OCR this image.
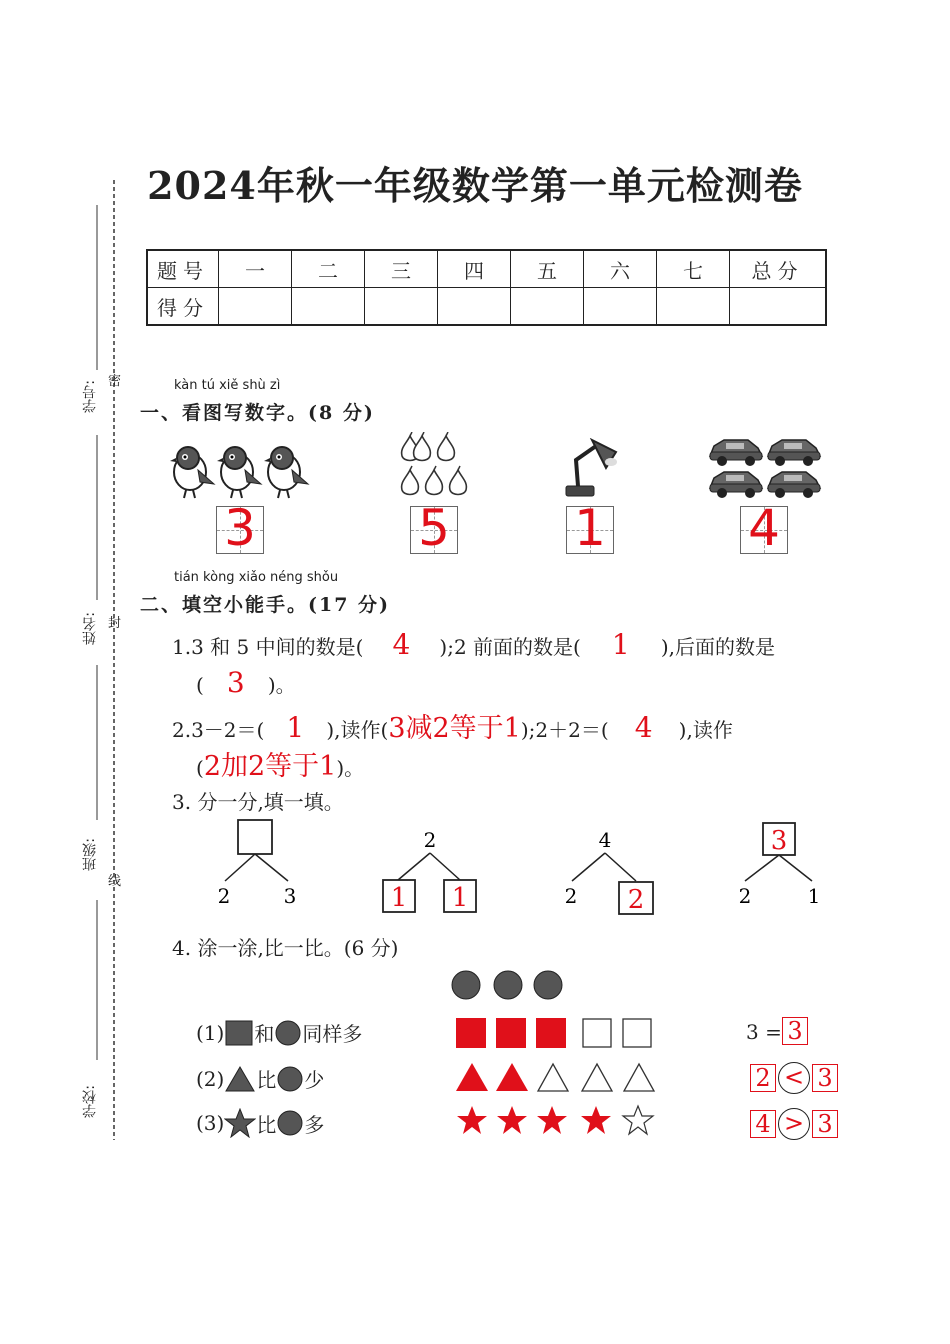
2024年秋一年级数学第一单元检测卷
题号	一	二	三	四	五	六	七	总分
得分								
学号:
姓名:
班级:
学校:
密
封
线
kàn tú xiě shù zì
一、看图写数字。(8 分)
3	5 1	4
tián kòng xiǎo néng shǒu
二、填空小能手。(17 分)
1.3 和 5 中间的数是( 4 );2 前面的数是( 1 ),后面的数是
( 3 )。
2.3－2＝( 1 ),读作(3减2等于1);2＋2＝( 4 ),读作
(2加2等于1)。
3. 分一分,填一填。
2	3
2
1 1
4
2 2
3
2	1
4. 涂一涂,比一比。(6 分)
(1) 和 同样多	3 = 3
(2) 比 少	2 < 3
(3) 比 多	4 > 3
